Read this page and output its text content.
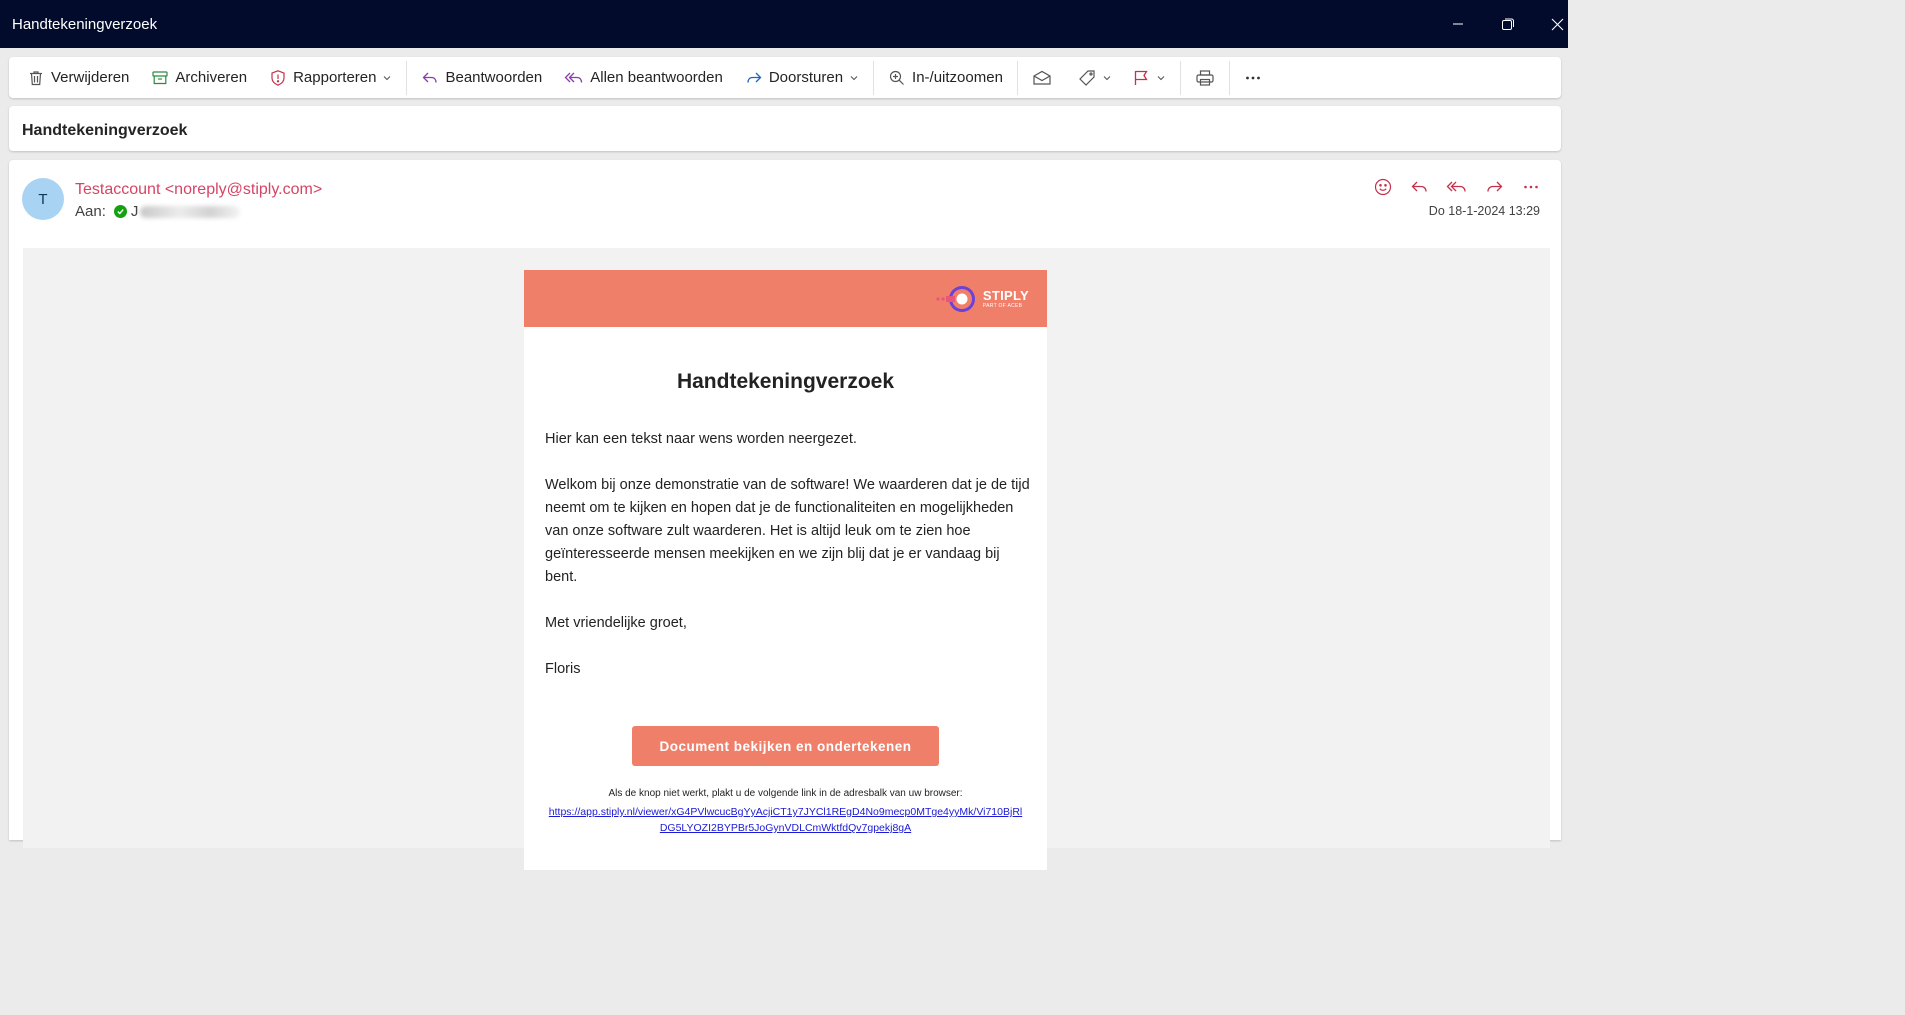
Handtekeningverzoek
Verwijderen	Archiveren	Rapporteren	Beantwoorden	Allen beantwoorden	Doorsturen	In-/uitzoomen
Handtekeningverzoek
T
Testaccount <noreply@stiply.com>
Aan: J	Do 18-1-2024 13:29
STIPLY
PART OF ACEB
Handtekeningverzoek
Hier kan een tekst naar wens worden neergezet.
Welkom bij onze demonstratie van de software! We waarderen dat je de tijd neemt om te kijken en hopen dat je de functionaliteiten en mogelijkheden van onze software zult waarderen. Het is altijd leuk om te zien hoe geïnteresseerde mensen meekijken en we zijn blij dat je er vandaag bij bent.
Met vriendelijke groet,
Floris
Document bekijken en ondertekenen
Als de knop niet werkt, plakt u de volgende link in de adresbalk van uw browser:
https://app.stiply.nl/viewer/xG4PVlwcucBgYyAcjiCT1y7JYCl1REgD4No9mecp0MTge4yyMk/Vi710BjRl
DG5LYOZI2BYPBr5JoGynVDLCmWktfdQv7gpekj8gA
